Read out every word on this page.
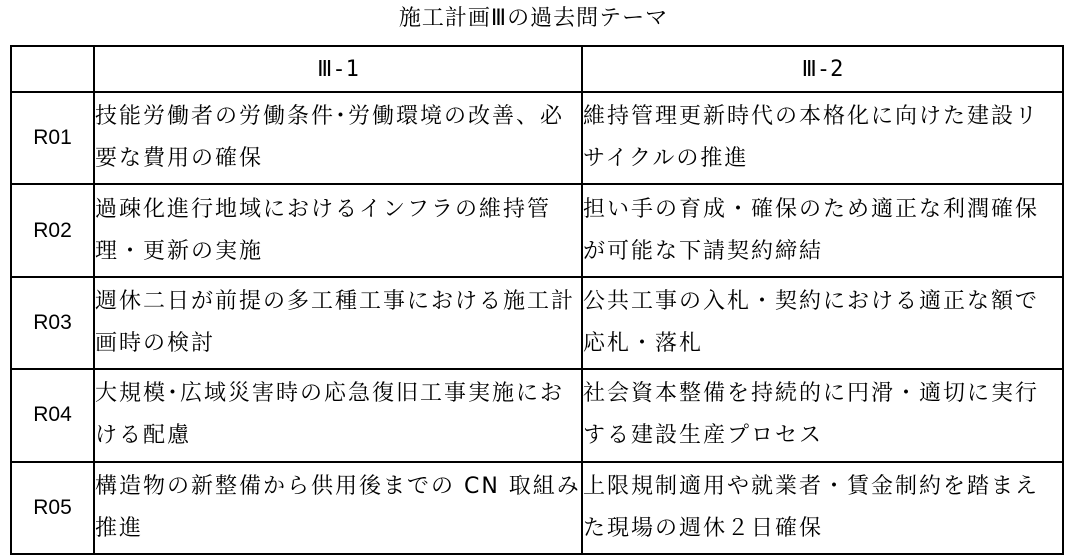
施工計画Ⅲの過去問テーマ
	Ⅲ-1	Ⅲ-2
R01	技能労働者の労働条件･労働環境の改善、必要な費用の確保	維持管理更新時代の本格化に向けた建設リサイクルの推進
R02	過疎化進行地域におけるインフラの維持管理・更新の実施	担い手の育成・確保のため適正な利潤確保が可能な下請契約締結
R03	週休二日が前提の多工種工事における施工計画時の検討	公共工事の入札・契約における適正な額で応札・落札
R04	大規模･広域災害時の応急復旧工事実施における配慮	社会資本整備を持続的に円滑・適切に実行する建設生産プロセス
R05	構造物の新整備から供用後までの CN 取組み推進	上限規制適用や就業者・賃金制約を踏まえた現場の週休２日確保
